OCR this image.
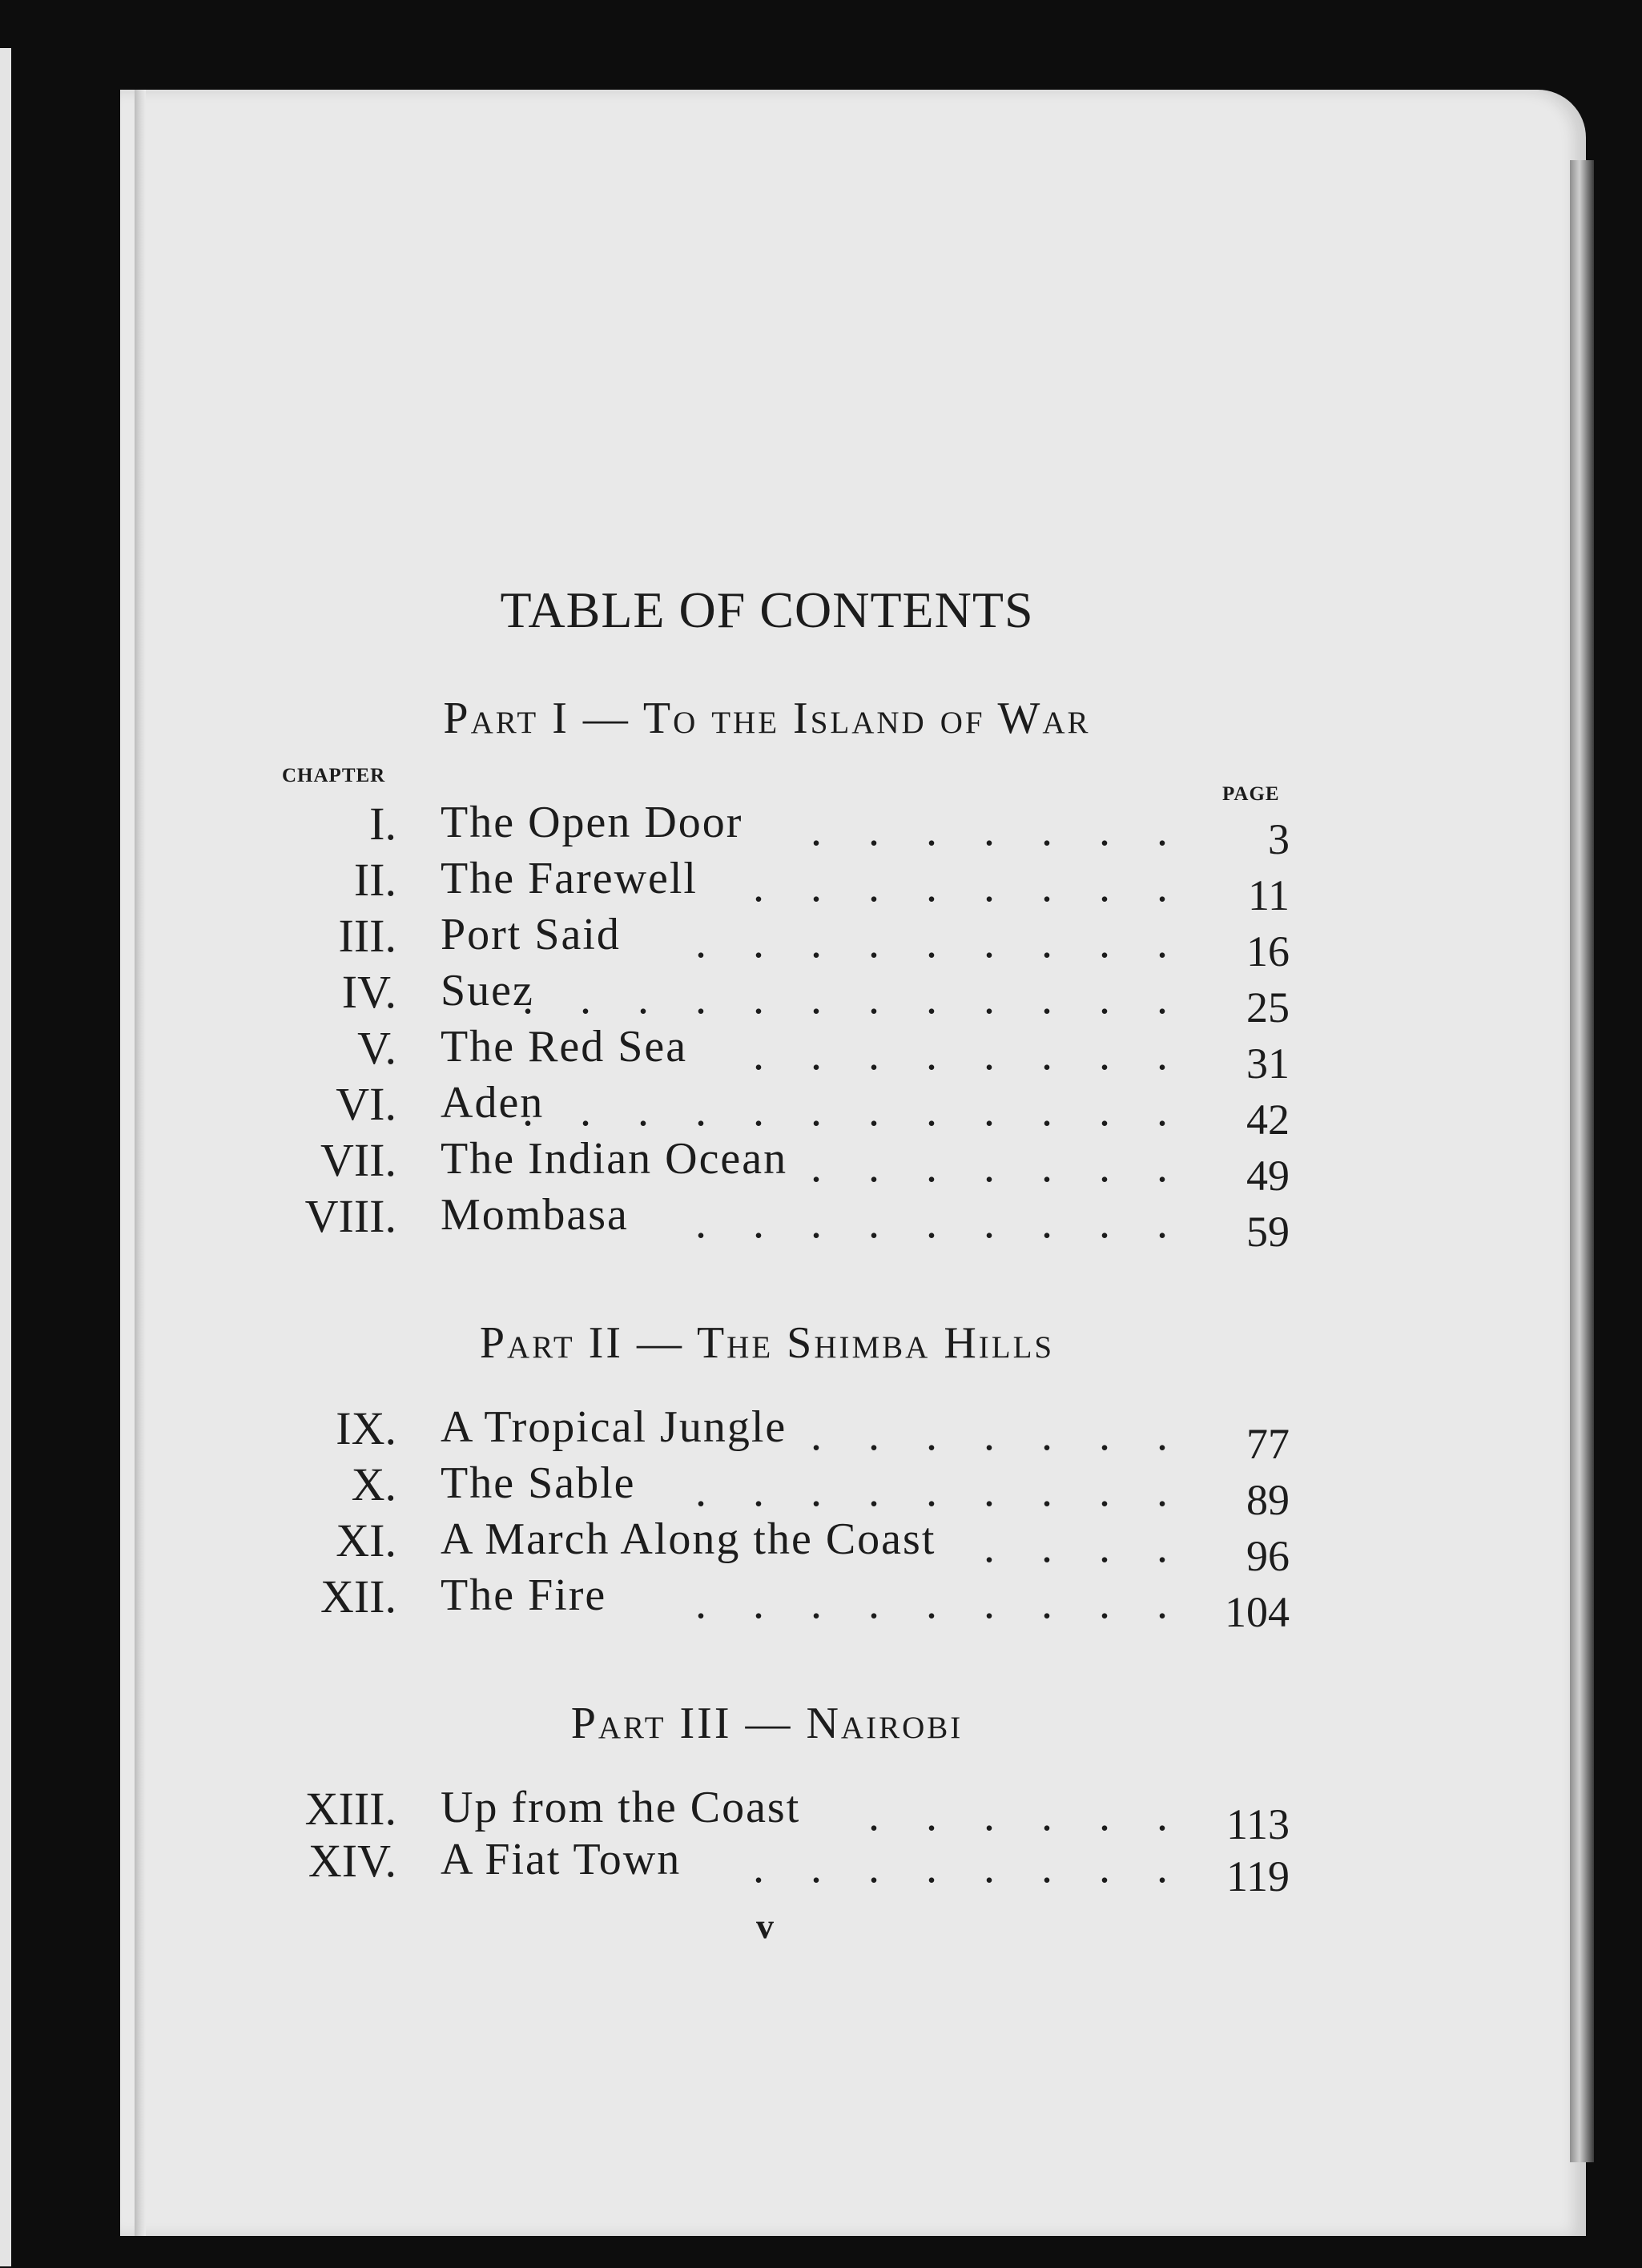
TABLE OF CONTENTS
Part I — To the Island of War
CHAPTER
PAGE
I. The Open Door . . . . . . . 3
II. The Farewell . . . . . . . . 11
III. Port Said . . . . . . . . . 16
IV. Suez
. . . . . . . . . . . . 25
V. The Red Sea . . . . . . . . 31
VI. Aden
. . . . . . . . . . . . 42
VII. The Indian Ocean . . . . . . . 49
VIII. Mombasa . . . . . . . . . 59
Part II — The Shimba Hills
IX. A Tropical Jungle . . . . . . . 77
X. The Sable . . . . . . . . . 89
XI. A March Along the Coast . . . . 96
XII. The Fire . . . . . . . . . 104
Part III — Nairobi
XIII. Up from the Coast . . . . . . 113
XIV. A Fiat Town . . . . . . . . 119
v
